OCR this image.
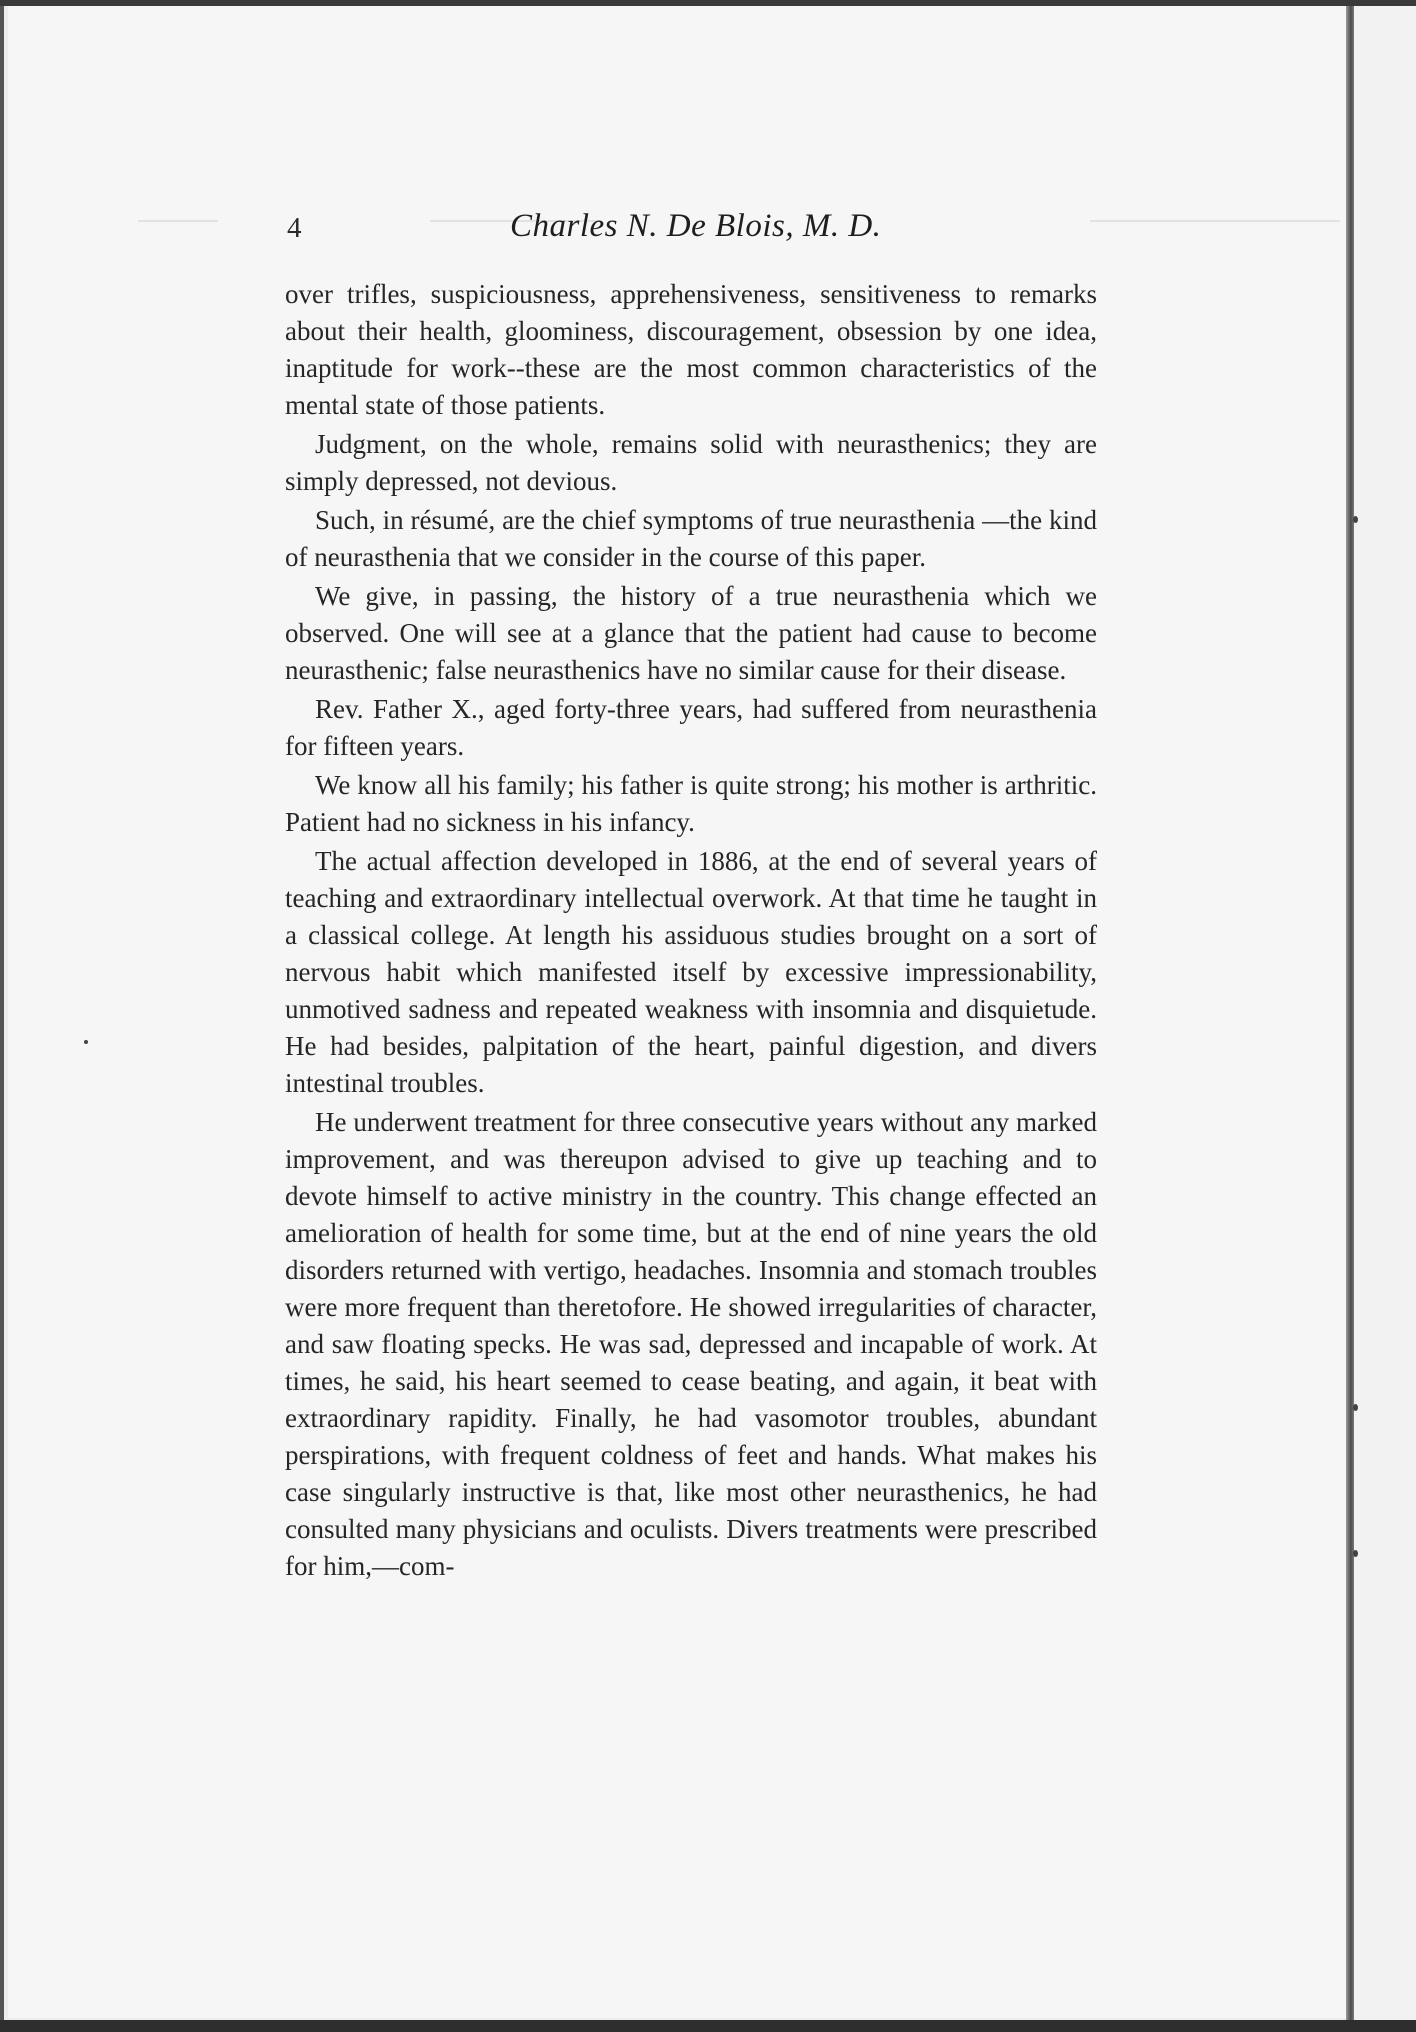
4	Charles N. De Blois, M. D.

over trifles, suspiciousness, apprehensiveness, sensitiveness to remarks about their health, gloominess, discouragement, obsession by one idea, inaptitude for work--these are the most common characteristics of the mental state of those patients.

Judgment, on the whole, remains solid with neurasthenics; they are simply depressed, not devious.

Such, in résumé, are the chief symptoms of true neurasthenia —the kind of neurasthenia that we consider in the course of this paper.

We give, in passing, the history of a true neurasthenia which we observed. One will see at a glance that the patient had cause to become neurasthenic; false neurasthenics have no similar cause for their disease.

Rev. Father X., aged forty-three years, had suffered from neurasthenia for fifteen years.

We know all his family; his father is quite strong; his mother is arthritic. Patient had no sickness in his infancy.

The actual affection developed in 1886, at the end of several years of teaching and extraordinary intellectual overwork. At that time he taught in a classical college. At length his assiduous studies brought on a sort of nervous habit which manifested itself by excessive impressionability, unmotived sadness and repeated weakness with insomnia and disquietude. He had besides, palpitation of the heart, painful digestion, and divers intestinal troubles.

He underwent treatment for three consecutive years without any marked improvement, and was thereupon advised to give up teaching and to devote himself to active ministry in the country. This change effected an amelioration of health for some time, but at the end of nine years the old disorders returned with vertigo, headaches. Insomnia and stomach troubles were more frequent than theretofore. He showed irregularities of character, and saw floating specks. He was sad, depressed and incapable of work. At times, he said, his heart seemed to cease beating, and again, it beat with extraordinary rapidity. Finally, he had vasomotor troubles, abundant perspirations, with frequent coldness of feet and hands. What makes his case singularly instructive is that, like most other neurasthenics, he had consulted many physicians and oculists. Divers treatments were prescribed for him,—com-
